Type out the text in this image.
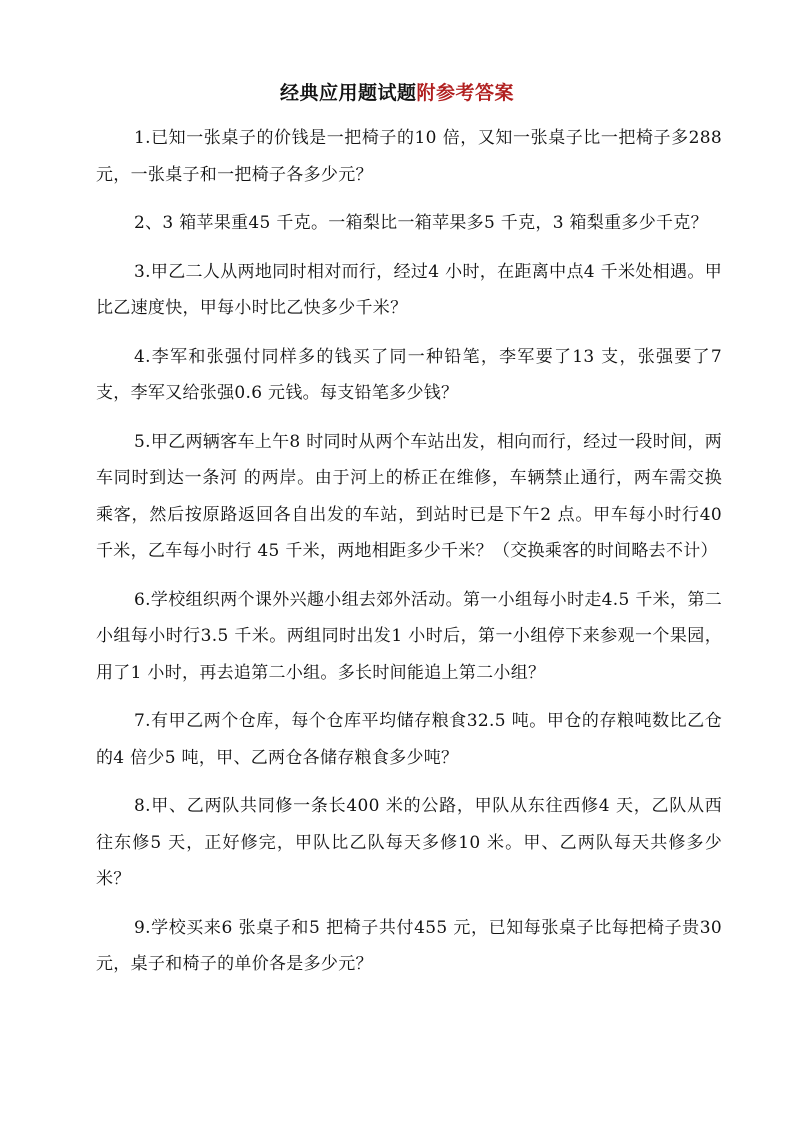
经典应用题试题附参考答案

1.已知一张桌子的价钱是一把椅子的10 倍，又知一张桌子比一把椅子多288 元，一张桌子和一把椅子各多少元？

2、3 箱苹果重45 千克。一箱梨比一箱苹果多5 千克，3 箱梨重多少千克？

3.甲乙二人从两地同时相对而行，经过4 小时，在距离中点4 千米处相遇。甲比乙速度快，甲每小时比乙快多少千米？

4.李军和张强付同样多的钱买了同一种铅笔，李军要了13 支，张强要了7 支，李军又给张强0.6 元钱。每支铅笔多少钱？

5.甲乙两辆客车上午8 时同时从两个车站出发，相向而行，经过一段时间，两车同时到达一条河 的两岸。由于河上的桥正在维修，车辆禁止通行，两车需交换乘客，然后按原路返回各自出发的车站，到站时已是下午2 点。甲车每小时行40 千米，乙车每小时行 45 千米，两地相距多少千米？（交换乘客的时间略去不计）

6.学校组织两个课外兴趣小组去郊外活动。第一小组每小时走4.5 千米，第二小组每小时行3.5 千米。两组同时出发1 小时后，第一小组停下来参观一个果园，用了1 小时，再去追第二小组。多长时间能追上第二小组？

7.有甲乙两个仓库，每个仓库平均储存粮食32.5 吨。甲仓的存粮吨数比乙仓的4 倍少5 吨，甲、乙两仓各储存粮食多少吨？

8.甲、乙两队共同修一条长400 米的公路，甲队从东往西修4 天，乙队从西往东修5 天，正好修完，甲队比乙队每天多修10 米。甲、乙两队每天共修多少米？

9.学校买来6 张桌子和5 把椅子共付455 元，已知每张桌子比每把椅子贵30 元，桌子和椅子的单价各是多少元？
